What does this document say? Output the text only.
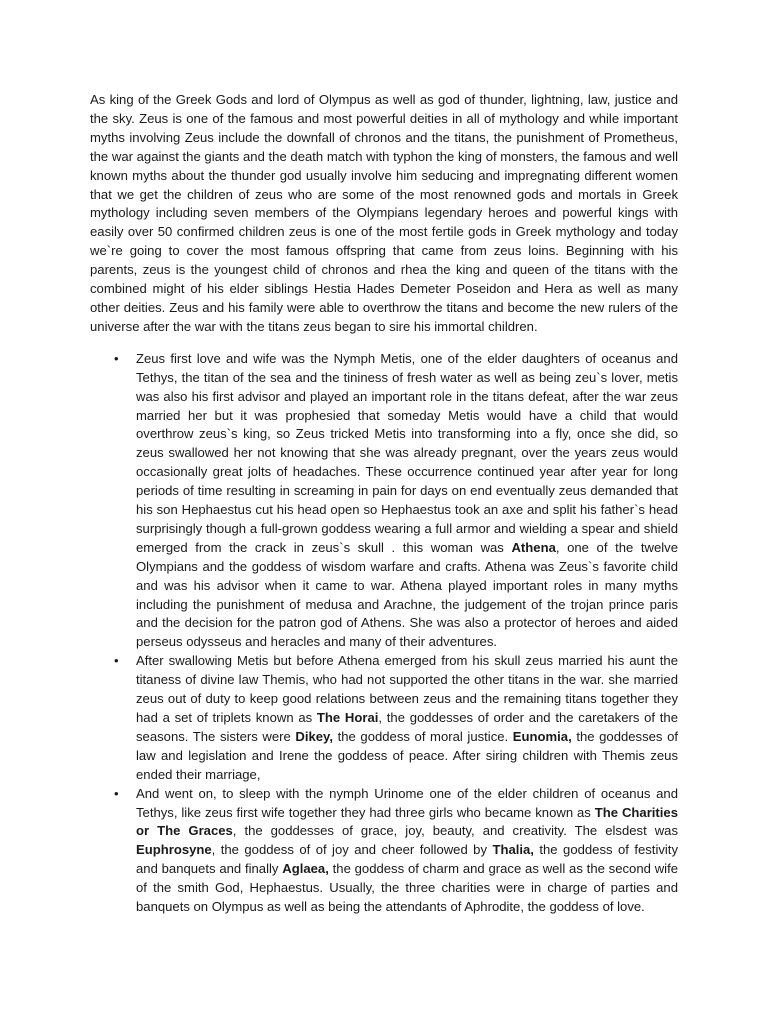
As king of the Greek Gods and lord of Olympus as well as god of thunder, lightning, law, justice and the sky. Zeus is one of the famous and most powerful deities in all of mythology and while important myths involving Zeus include the downfall of chronos and the titans, the punishment of Prometheus, the war against the giants and the death match with typhon the king of monsters, the famous and well known myths about the thunder god usually involve him seducing and impregnating different women that we get the children of zeus who are some of the most renowned gods and mortals in Greek mythology including seven members of the Olympians legendary heroes and powerful kings with easily over 50 confirmed children zeus is one of the most fertile gods in Greek mythology and today we`re going to cover the most famous offspring that came from zeus loins. Beginning with his parents, zeus is the youngest child of chronos and rhea the king and queen of the titans with the combined might of his elder siblings Hestia Hades Demeter Poseidon and Hera as well as many other deities. Zeus and his family were able to overthrow the titans and become the new rulers of the universe after the war with the titans zeus began to sire his immortal children.

• Zeus first love and wife was the Nymph Metis, one of the elder daughters of oceanus and Tethys, the titan of the sea and the tininess of fresh water as well as being zeu`s lover, metis was also his first advisor and played an important role in the titans defeat, after the war zeus married her but it was prophesied that someday Metis would have a child that would overthrow zeus`s king, so Zeus tricked Metis into transforming into a fly, once she did, so zeus swallowed her not knowing that she was already pregnant, over the years zeus would occasionally great jolts of headaches. These occurrence continued year after year for long periods of time resulting in screaming in pain for days on end eventually zeus demanded that his son Hephaestus cut his head open so Hephaestus took an axe and split his father`s head surprisingly though a full-grown goddess wearing a full armor and wielding a spear and shield emerged from the crack in zeus`s skull . this woman was Athena, one of the twelve Olympians and the goddess of wisdom warfare and crafts. Athena was Zeus`s favorite child and was his advisor when it came to war. Athena played important roles in many myths including the punishment of medusa and Arachne, the judgement of the trojan prince paris and the decision for the patron god of Athens. She was also a protector of heroes and aided perseus odysseus and heracles and many of their adventures.
• After swallowing Metis but before Athena emerged from his skull zeus married his aunt the titaness of divine law Themis, who had not supported the other titans in the war. she married zeus out of duty to keep good relations between zeus and the remaining titans together they had a set of triplets known as The Horai, the goddesses of order and the caretakers of the seasons. The sisters were Dikey, the goddess of moral justice. Eunomia, the goddesses of law and legislation and Irene the goddess of peace. After siring children with Themis zeus ended their marriage,
• And went on, to sleep with the nymph Urinome one of the elder children of oceanus and Tethys, like zeus first wife together they had three girls who became known as The Charities or The Graces, the goddesses of grace, joy, beauty, and creativity. The elsdest was Euphrosyne, the goddess of of joy and cheer followed by Thalia, the goddess of festivity and banquets and finally Aglaea, the goddess of charm and grace as well as the second wife of the smith God, Hephaestus. Usually, the three charities were in charge of parties and banquets on Olympus as well as being the attendants of Aphrodite, the goddess of love.
